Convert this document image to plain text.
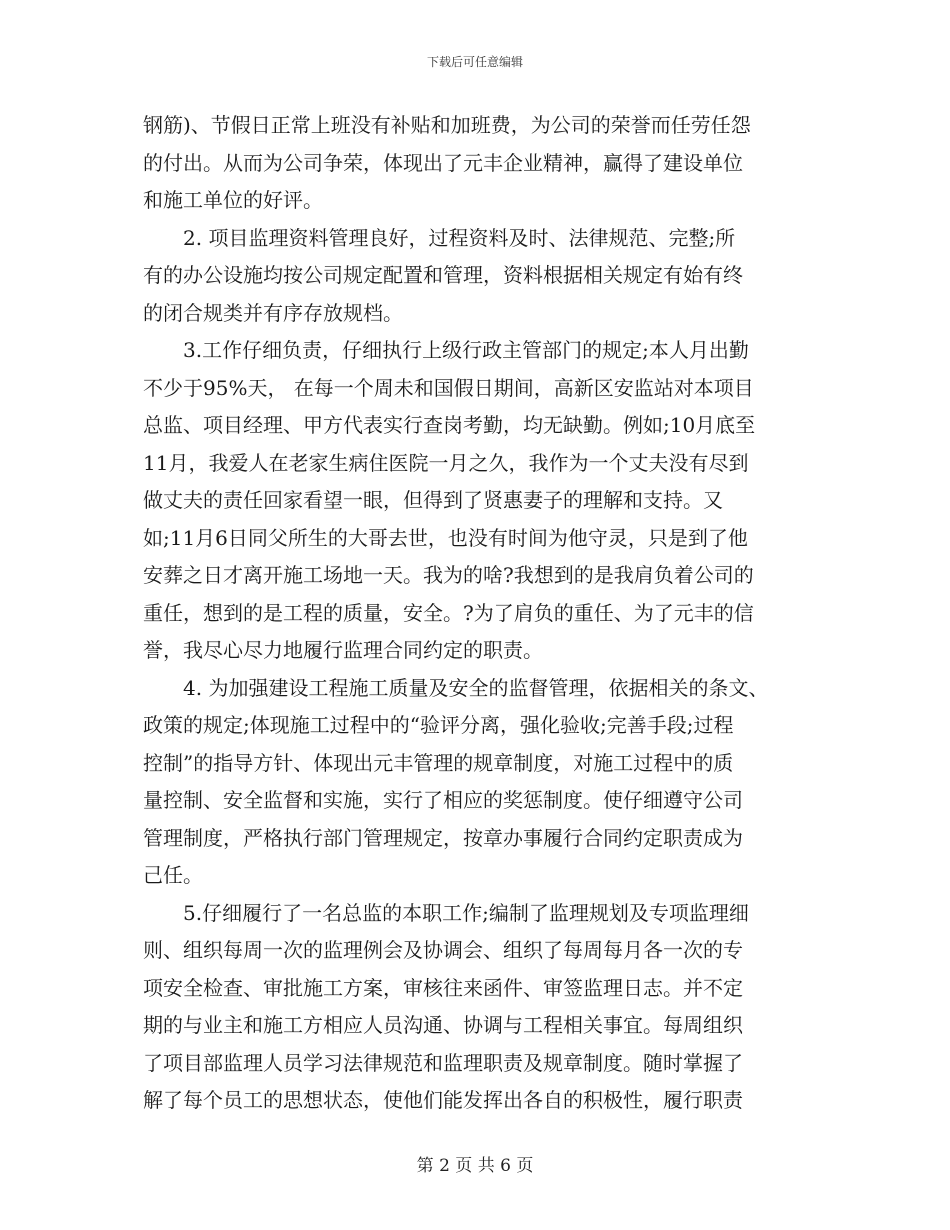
下载后可任意编辑
钢筋)、节假日正常上班没有补贴和加班费，为公司的荣誉而任劳任怨
的付出。从而为公司争荣，体现出了元丰企业精神，赢得了建设单位
和施工单位的好评。
2. 项目监理资料管理良好，过程资料及时、法律规范、完整;所
有的办公设施均按公司规定配置和管理，资料根据相关规定有始有终
的闭合规类并有序存放规档。
3.工作仔细负责，仔细执行上级行政主管部门的规定;本人月出勤
不少于95%天， 在每一个周未和国假日期间，高新区安监站对本项目
总监、项目经理、甲方代表实行查岗考勤，均无缺勤。例如;10月底至
11月，我爱人在老家生病住医院一月之久，我作为一个丈夫没有尽到
做丈夫的责任回家看望一眼，但得到了贤惠妻子的理解和支持。又
如;11月6日同父所生的大哥去世，也没有时间为他守灵，只是到了他
安葬之日才离开施工场地一天。我为的啥?我想到的是我肩负着公司的
重任，想到的是工程的质量，安全。?为了肩负的重任、为了元丰的信
誉，我尽心尽力地履行监理合同约定的职责。
4. 为加强建设工程施工质量及安全的监督管理，依据相关的条文、
政策的规定;体现施工过程中的“验评分离，强化验收;完善手段;过程
控制”的指导方针、体现出元丰管理的规章制度，对施工过程中的质
量控制、安全监督和实施，实行了相应的奖惩制度。使仔细遵守公司
管理制度，严格执行部门管理规定，按章办事履行合同约定职责成为
己任。
5.仔细履行了一名总监的本职工作;编制了监理规划及专项监理细
则、组织每周一次的监理例会及协调会、组织了每周每月各一次的专
项安全检查、审批施工方案，审核往来函件、审签监理日志。并不定
期的与业主和施工方相应人员沟通、协调与工程相关事宜。每周组织
了项目部监理人员学习法律规范和监理职责及规章制度。随时掌握了
解了每个员工的思想状态，使他们能发挥出各自的积极性，履行职责
第 2 页 共 6 页
